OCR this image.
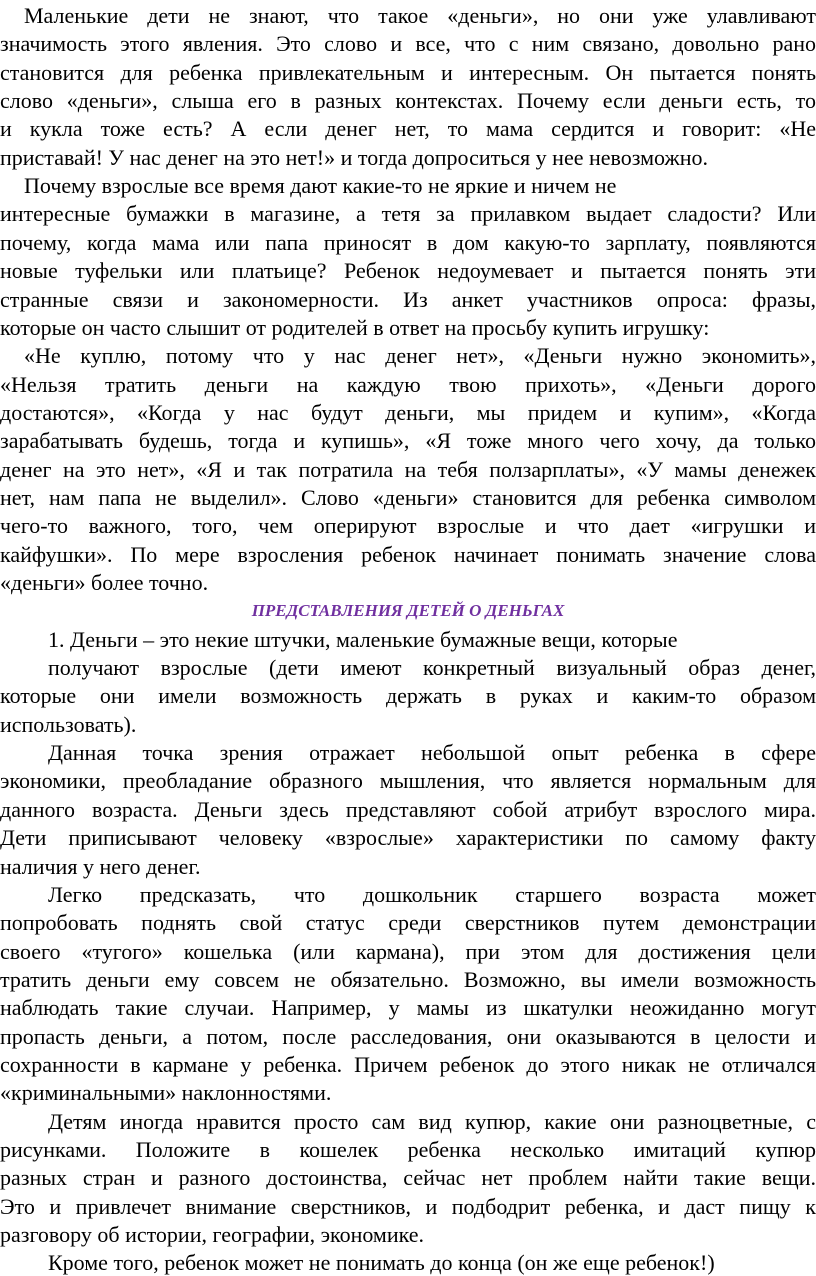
Маленькие дети не знают, что такое «деньги», но они уже улавливают
значимость этого явления. Это слово и все, что с ним связано, довольно рано
становится для ребенка привлекательным и интересным. Он пытается понять
слово «деньги», слыша его в разных контекстах. Почему если деньги есть, то
и кукла тоже есть? А если денег нет, то мама сердится и говорит: «Не
приставай! У нас денег на это нет!» и тогда допроситься у нее невозможно.
Почему взрослые все время дают какие-то не яркие и ничем не
интересные бумажки в магазине, а тетя за прилавком выдает сладости? Или
почему, когда мама или папа приносят в дом какую-то зарплату, появляются
новые туфельки или платьице? Ребенок недоумевает и пытается понять эти
странные связи и закономерности. Из анкет участников опроса: фразы,
которые он часто слышит от родителей в ответ на просьбу купить игрушку:
«Не куплю, потому что у нас денег нет», «Деньги нужно экономить»,
«Нельзя тратить деньги на каждую твою прихоть», «Деньги дорого
достаются», «Когда у нас будут деньги, мы придем и купим», «Когда
зарабатывать будешь, тогда и купишь», «Я тоже много чего хочу, да только
денег на это нет», «Я и так потратила на тебя ползарплаты», «У мамы денежек
нет, нам папа не выделил». Слово «деньги» становится для ребенка символом
чего-то важного, того, чем оперируют взрослые и что дает «игрушки и
кайфушки». По мере взросления ребенок начинает понимать значение слова
«деньги» более точно.
ПРЕДСТАВЛЕНИЯ ДЕТЕЙ О ДЕНЬГАХ
1. Деньги – это некие штучки, маленькие бумажные вещи, которые
получают взрослые (дети имеют конкретный визуальный образ денег,
которые они имели возможность держать в руках и каким-то образом
использовать).
Данная точка зрения отражает небольшой опыт ребенка в сфере
экономики, преобладание образного мышления, что является нормальным для
данного возраста. Деньги здесь представляют собой атрибут взрослого мира.
Дети приписывают человеку «взрослые» характеристики по самому факту
наличия у него денег.
Легко предсказать, что дошкольник старшего возраста может
попробовать поднять свой статус среди сверстников путем демонстрации
своего «тугого» кошелька (или кармана), при этом для достижения цели
тратить деньги ему совсем не обязательно. Возможно, вы имели возможность
наблюдать такие случаи. Например, у мамы из шкатулки неожиданно могут
пропасть деньги, а потом, после расследования, они оказываются в целости и
сохранности в кармане у ребенка. Причем ребенок до этого никак не отличался
«криминальными» наклонностями.
Детям иногда нравится просто сам вид купюр, какие они разноцветные, с
рисунками. Положите в кошелек ребенка несколько имитаций купюр
разных стран и разного достоинства, сейчас нет проблем найти такие вещи.
Это и привлечет внимание сверстников, и подбодрит ребенка, и даст пищу к
разговору об истории, географии, экономике.
Кроме того, ребенок может не понимать до конца (он же еще ребенок!)
